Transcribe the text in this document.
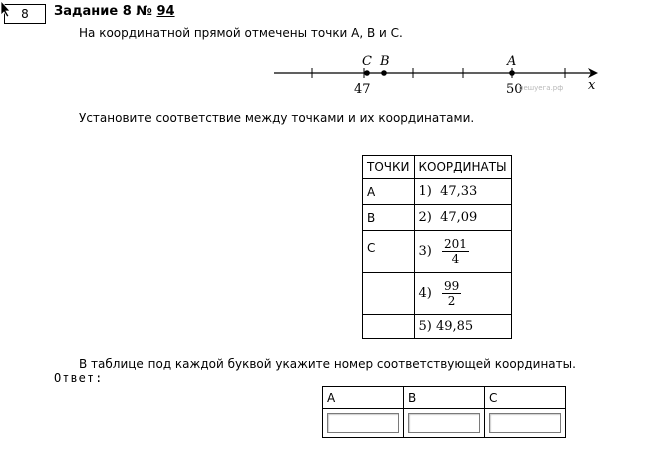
8	Задание 8 № 94
На координатной прямой отмечены точки A, B и C.
C B	A
47	50	x
решуега.рф
Установите соответствие между точками и их координатами.
ТОЧКИ	КООРДИНАТЫ
A	1) 47,33
B	2) 47,09
C	$3) \frac{201}{4}$

	$4) \frac{99}{2}$

	5) 49,85
В таблице под каждой буквой укажите номер соответствующей координаты.
Ответ:
A	B	C
